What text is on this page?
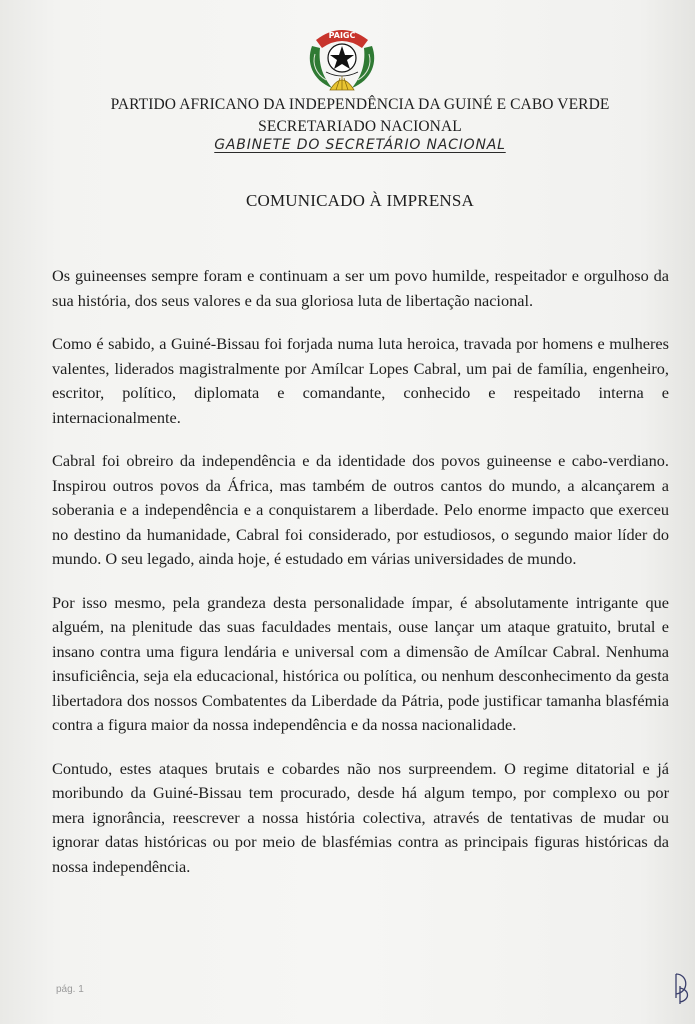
PAIGC
PARTIDO AFRICANO DA INDEPENDÊNCIA DA GUINÉ E CABO VERDE
SECRETARIADO NACIONAL
GABINETE DO SECRETÁRIO NACIONAL
COMUNICADO À IMPRENSA

Os guineenses sempre foram e continuam a ser um povo humilde, respeitador e orgulhoso da sua história, dos seus valores e da sua gloriosa luta de libertação nacional.

Como é sabido, a Guiné-Bissau foi forjada numa luta heroica, travada por homens e mulheres valentes, liderados magistralmente por Amílcar Lopes Cabral, um pai de família, engenheiro, escritor, político, diplomata e comandante, conhecido e respeitado interna e internacionalmente.

Cabral foi obreiro da independência e da identidade dos povos guineense e cabo-verdiano. Inspirou outros povos da África, mas também de outros cantos do mundo, a alcançarem a soberania e a independência e a conquistarem a liberdade. Pelo enorme impacto que exerceu no destino da humanidade, Cabral foi considerado, por estudiosos, o segundo maior líder do mundo. O seu legado, ainda hoje, é estudado em várias universidades de mundo.

Por isso mesmo, pela grandeza desta personalidade ímpar, é absolutamente intrigante que alguém, na plenitude das suas faculdades mentais, ouse lançar um ataque gratuito, brutal e insano contra uma figura lendária e universal com a dimensão de Amílcar Cabral. Nenhuma insuficiência, seja ela educacional, histórica ou política, ou nenhum desconhecimento da gesta libertadora dos nossos Combatentes da Liberdade da Pátria, pode justificar tamanha blasfémia contra a figura maior da nossa independência e da nossa nacionalidade.

Contudo, estes ataques brutais e cobardes não nos surpreendem. O regime ditatorial e já moribundo da Guiné-Bissau tem procurado, desde há algum tempo, por complexo ou por mera ignorância, reescrever a nossa história colectiva, através de tentativas de mudar ou ignorar datas históricas ou por meio de blasfémias contra as principais figuras históricas da nossa independência.

pág. 1
